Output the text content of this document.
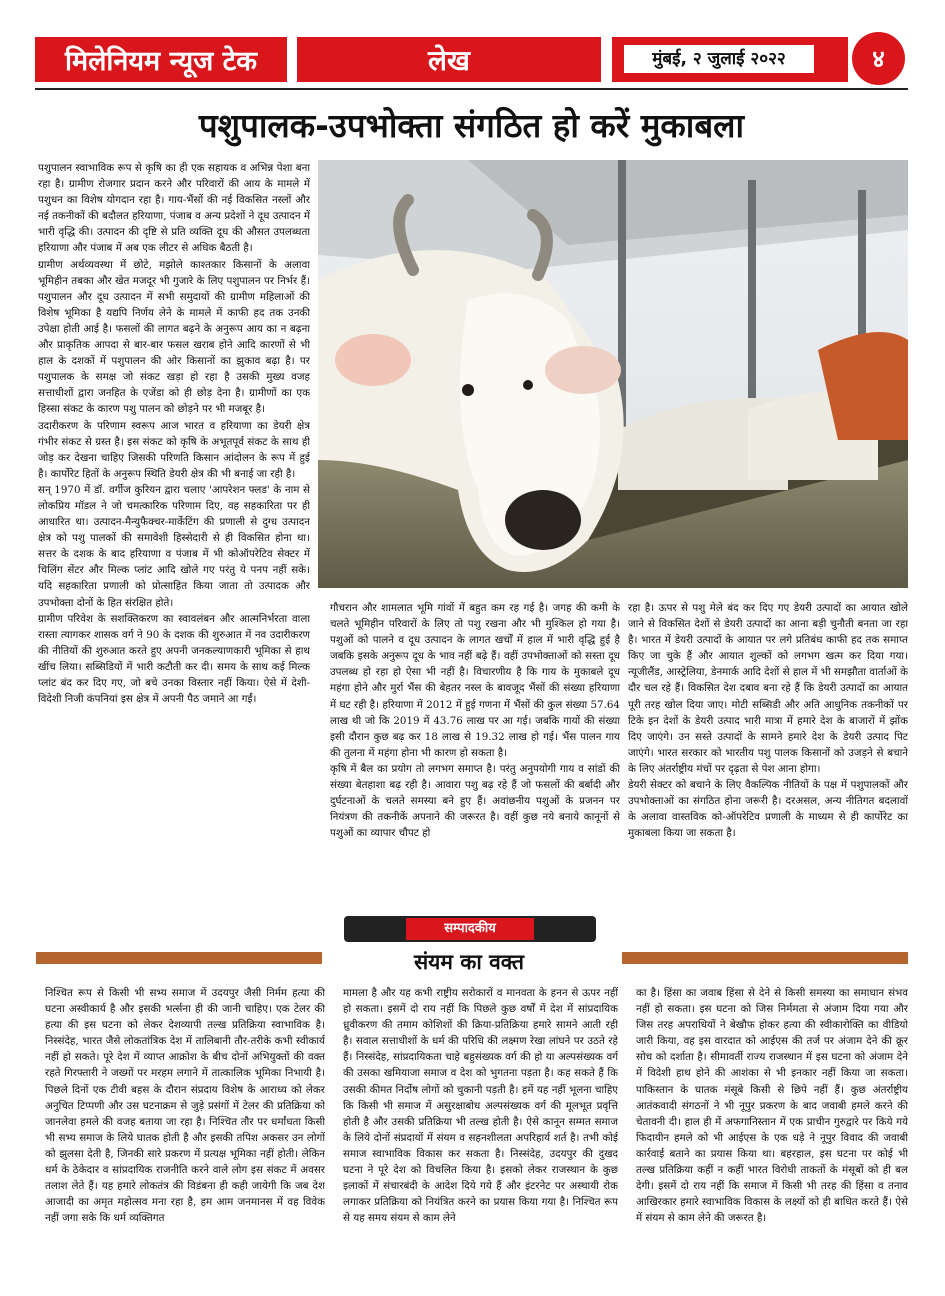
मिलेनियम न्यूज टेक	लेख	मुंबई, २ जुलाई २०२२	४
पशुपालक-उपभोक्ता संगठित हो करें मुकाबला

पशुपालन स्वाभाविक रूप से कृषि का ही एक सहायक व अभिन्न पेशा बना रहा है। ग्रामीण रोजगार प्रदान करने और परिवारों की आय के मामले में पशुधन का विशेष योगदान रहा है। गाय-भैंसों की नई विकसित नस्लों और नई तकनीकों की बदौलत हरियाणा, पंजाब व अन्य प्रदेशों ने दूध उत्पादन में भारी वृद्धि की। उत्पादन की दृष्टि से प्रति व्यक्ति दूध की औसत उपलब्धता हरियाणा और पंजाब में अब एक लीटर से अधिक बैठती है।

ग्रामीण अर्थव्यवस्था में छोटे, मझोले काश्तकार किसानों के अलावा भूमिहीन तबका और खेत मजदूर भी गुजारे के लिए पशुपालन पर निर्भर हैं। पशुपालन और दूध उत्पादन में सभी समुदायों की ग्रामीण महिलाओं की विशेष भूमिका है यद्यपि निर्णय लेने के मामले में काफी हद तक उनकी उपेक्षा होती आई है। फसलों की लागत बढ़ने के अनुरूप आय का न बढ़ना और प्राकृतिक आपदा से बार-बार फसल खराब होने आदि कारणों से भी हाल के दशकों में पशुपालन की ओर किसानों का झुकाव बढ़ा है। पर पशुपालक के समक्ष जो संकट खड़ा हो रहा है उसकी मुख्य वजह सत्ताधीशों द्वारा जनहित के एजेंडा को ही छोड़ देना है। ग्रामीणों का एक हिस्सा संकट के कारण पशु पालन को छोड़ने पर भी मजबूर है।

उदारीकरण के परिणाम स्वरूप आज भारत व हरियाणा का डेयरी क्षेत्र गंभीर संकट से ग्रस्त है। इस संकट को कृषि के अभूतपूर्व संकट के साथ ही जोड़ कर देखना चाहिए जिसकी परिणति किसान आंदोलन के रूप में हुई है। कार्पोरेट हितों के अनुरूप स्थिति डेयरी क्षेत्र की भी बनाई जा रही है।

सन् 1970 में डॉ. वर्गीज कुरियन द्वारा चलाए 'आपरेशन फ्लड' के नाम से लोकप्रिय मॉडल ने जो चमत्कारिक परिणाम दिए, वह सहकारिता पर ही आधारित था। उत्पादन-मैन्युफैक्चर-मार्केटिंग की प्रणाली से दुग्ध उत्पादन क्षेत्र को पशु पालकों की समावेशी हिस्सेदारी से ही विकसित होना था। सत्तर के दशक के बाद हरियाणा व पंजाब में भी कोऑपरेटिव सेक्टर में चिलिंग सेंटर और मिल्क प्लांट आदि खोले गए परंतु ये पनप नहीं सके। यदि सहकारिता प्रणाली को प्रोत्साहित किया जाता तो उत्पादक और उपभोक्ता दोनों के हित संरक्षित होते।

ग्रामीण परिवेश के सशक्तिकरण का स्वावलंबन और आत्मनिर्भरता वाला रास्ता त्यागकर शासक वर्ग ने 90 के दशक की शुरुआत में नव उदारीकरण की नीतियों की शुरुआत करते हुए अपनी जनकल्याणकारी भूमिका से हाथ खींच लिया। सब्सिडियों में भारी कटौती कर दी। समय के साथ कई मिल्क प्लांट बंद कर दिए गए, जो बचे उनका विस्तार नहीं किया। ऐसे में देशी-विदेशी निजी कंपनियां इस क्षेत्र में अपनी पैठ जमाने आ गईं।

गौचरान और शामलात भूमि गांवों में बहुत कम रह गई है। जगह की कमी के चलते भूमिहीन परिवारों के लिए तो पशु रखना और भी मुश्किल हो गया है। पशुओं को पालने व दूध उत्पादन के लागत खर्चों में हाल में भारी वृद्धि हुई है जबकि इसके अनुरूप दूध के भाव नहीं बढ़े हैं। वहीं उपभोक्ताओं को सस्ता दूध उपलब्ध हो रहा हो ऐसा भी नहीं है। विचारणीय है कि गाय के मुकाबले दूध महंगा होने और मुर्रा भैंस की बेहतर नस्ल के बावजूद भैंसों की संख्या हरियाणा में घट रही है। हरियाणा में 2012 में हुई गणना में भैंसों की कुल संख्या 57.64 लाख थी जो कि 2019 में 43.76 लाख पर आ गई। जबकि गायों की संख्या इसी दौरान कुछ बढ़ कर 18 लाख से 19.32 लाख हो गई। भैंस पालन गाय की तुलना में महंगा होना भी कारण हो सकता है।

कृषि में बैल का प्रयोग तो लगभग समाप्त है। परंतु अनुपयोगी गाय व सांडों की संख्या बेतहाशा बढ़ रही है। आवारा पशु बढ़ रहे हैं जो फसलों की बर्बादी और दुर्घटनाओं के चलते समस्या बने हुए हैं। अवांछनीय पशुओं के प्रजनन पर नियंत्रण की तकनीकें अपनाने की जरूरत है। वहीं कुछ नये बनाये कानूनों से पशुओं का व्यापार चौपट हो

रहा है। ऊपर से पशु मेले बंद कर दिए गए डेयरी उत्पादों का आयात खोले जाने से विकसित देशों से डेयरी उत्पादों का आना बड़ी चुनौती बनता जा रहा है। भारत में डेयरी उत्पादों के आयात पर लगे प्रतिबंध काफी हद तक समाप्त किए जा चुके हैं और आयात शुल्कों को लगभग खत्म कर दिया गया। न्यूजीलैंड, आस्ट्रेलिया, डेनमार्क आदि देशों से हाल में भी समझौता वार्ताओं के दौर चल रहे हैं। विकसित देश दबाव बना रहे हैं कि डेयरी उत्पादों का आयात पूरी तरह खोल दिया जाए। मोटी सब्सिडी और अति आधुनिक तकनीकों पर टिके इन देशों के डेयरी उत्पाद भारी मात्रा में हमारे देश के बाजारों में झोंक दिए जाएंगे। उन सस्ते उत्पादों के सामने हमारे देश के डेयरी उत्पाद पिट जाएंगे। भारत सरकार को भारतीय पशु पालक किसानों को उजड़ने से बचाने के लिए अंतर्राष्ट्रीय मंचों पर दृढ़ता से पेश आना होगा।

डेयरी सेक्टर को बचाने के लिए वैकल्पिक नीतियों के पक्ष में पशुपालकों और उपभोक्ताओं का संगठित होना जरूरी है। दरअसल, अन्य नीतिगत बदलावों के अलावा वास्तविक को-ऑपरेटिव प्रणाली के माध्यम से ही कार्पोरेट का मुकाबला किया जा सकता है।

सम्पादकीय
संयम का वक्त
निश्चित रूप से किसी भी सभ्य समाज में उदयपुर जैसी निर्मम हत्या की घटना अस्वीकार्य है और इसकी भर्त्सना ही की जानी चाहिए। एक टेलर की हत्या की इस घटना को लेकर देशव्यापी तल्ख प्रतिक्रिया स्वाभाविक है। निस्संदेह, भारत जैसे लोकतांत्रिक देश में तालिबानी तौर-तरीके कभी स्वीकार्य नहीं हो सकते। पूरे देश में व्याप्त आक्रोश के बीच दोनों अभियुक्तों की वक्त रहते गिरफ्तारी ने जख्मों पर मरहम लगाने में तात्कालिक भूमिका निभायी है। पिछले दिनों एक टीवी बहस के दौरान संप्रदाय विशेष के आराध्य को लेकर अनुचित टिप्पणी और उस घटनाक्रम से जुड़े प्रसंगों में टेलर की प्रतिक्रिया को जानलेवा हमले की वजह बताया जा रहा है। निश्चित तौर पर धर्मांधता किसी भी सभ्य समाज के लिये घातक होती है और इसकी तपिश अकसर उन लोगों को झुलसा देती है, जिनकी सारे प्रकरण में प्रत्यक्ष भूमिका नहीं होती। लेकिन धर्म के ठेकेदार व सांप्रदायिक राजनीति करने वाले लोग इस संकट में अवसर तलाश लेते हैं। यह हमारे लोकतंत्र की विडंबना ही कही जायेगी कि जब देश आजादी का अमृत महोत्सव मना रहा है, हम आम जनमानस में वह विवेक नहीं जगा सके कि धर्म व्यक्तिगत
मामला है और यह कभी राष्ट्रीय सरोकारों व मानवता के हनन से ऊपर नहीं हो सकता। इसमें दो राय नहीं कि पिछले कुछ वर्षों में देश में सांप्रदायिक ध्रुवीकरण की तमाम कोशिशों की क्रिया-प्रतिक्रिया हमारे सामने आती रही है। सवाल सत्ताधीशों के धर्म की परिधि की लक्ष्मण रेखा लांघने पर उठते रहे हैं। निस्संदेह, सांप्रदायिकता चाहे बहुसंख्यक वर्ग की हो या अल्पसंख्यक वर्ग की उसका खमियाजा समाज व देश को भुगतना पड़ता है। कह सकते हैं कि उसकी कीमत निर्दोष लोगों को चुकानी पड़ती है। हमें यह नहीं भूलना चाहिए कि किसी भी समाज में असुरक्षाबोध अल्पसंख्यक वर्ग की मूलभूत प्रवृत्ति होती है और उसकी प्रतिक्रिया भी तल्ख होती है। ऐसे कानून सम्मत समाज के लिये दोनों संप्रदायों में संयम व सहनशीलता अपरिहार्य शर्त है। तभी कोई समाज स्वाभाविक विकास कर सकता है। निस्संदेह, उदयपुर की दुखद घटना ने पूरे देश को विचलित किया है। इसको लेकर राजस्थान के कुछ इलाकों में संचारबंदी के आदेश दिये गये हैं और इंटरनेट पर अस्थायी रोक लगाकर प्रतिक्रिया को नियंत्रित करने का प्रयास किया गया है। निश्चित रूप से यह समय संयम से काम लेने
का है। हिंसा का जवाब हिंसा से देने से किसी समस्या का समाधान संभव नहीं हो सकता। इस घटना को जिस निर्ममता से अंजाम दिया गया और जिस तरह अपराधियों ने बेखौफ होकर हत्या की स्वीकारोक्ति का वीडियो जारी किया, वह इस वारदात को आईएस की तर्ज पर अंजाम देने की क्रूर सोच को दर्शाता है। सीमावर्ती राज्य राजस्थान में इस घटना को अंजाम देने में विदेशी हाथ होने की आशंका से भी इनकार नहीं किया जा सकता। पाकिस्तान के घातक मंसूबे किसी से छिपे नहीं हैं। कुछ अंतर्राष्ट्रीय आतंकवादी संगठनों ने भी नूपुर प्रकरण के बाद जवाबी हमले करने की चेतावनी दी। हाल ही में अफगानिस्तान में एक प्राचीन गुरुद्वारे पर किये गये फिदायीन हमले को भी आईएस के एक धड़े ने नूपुर विवाद की जवाबी कार्रवाई बताने का प्रयास किया था। बहरहाल, इस घटना पर कोई भी तल्ख प्रतिक्रिया कहीं न कहीं भारत विरोधी ताकतों के मंसूबों को ही बल देगी। इसमें दो राय नहीं कि समाज में किसी भी तरह की हिंसा व तनाव आखिरकार हमारे स्वाभाविक विकास के लक्ष्यों को ही बाधित करते हैं। ऐसे में संयम से काम लेने की जरूरत है।
